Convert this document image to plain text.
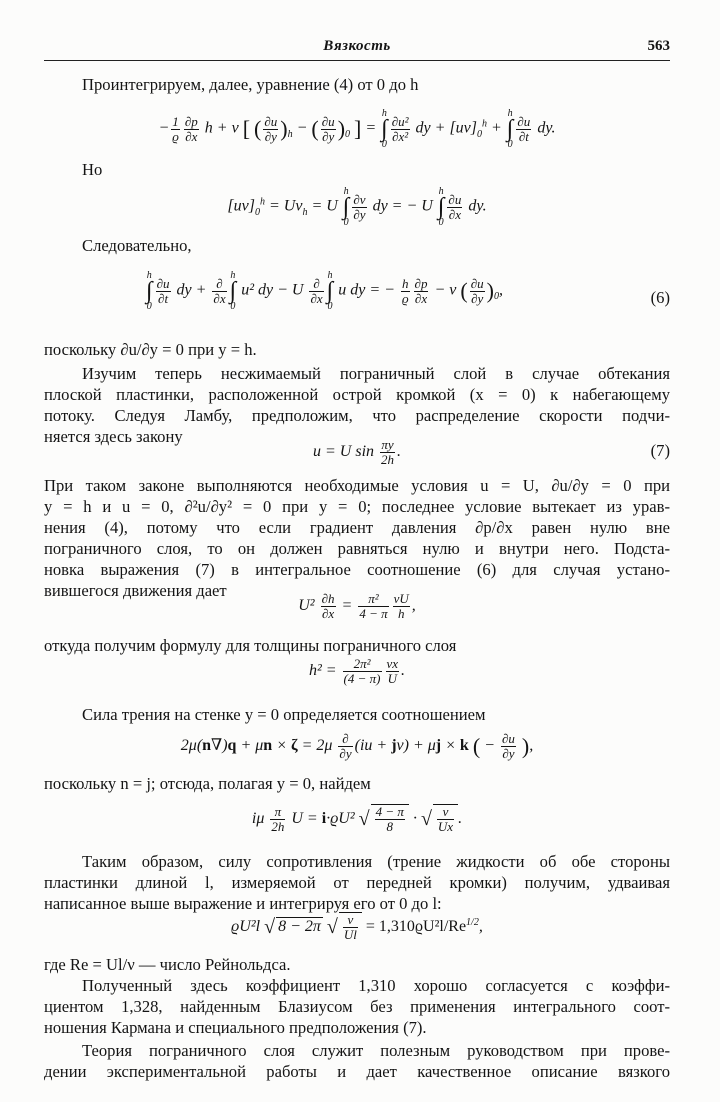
Вязкость	563
Проинтегрируем, далее, уравнение (4) от 0 до h
− $\frac{1}{ϱ} \frac{\partial p}{\partial x}$ h + ν [ ( $\frac{\partial u}{\partial y} )_h$ − ( $\frac{\partial u}{\partial y} )_0$ ] = h
∫
0
$\frac{\text{∂u²}}{\text{∂x²}}$ dy + $[uv]_0^h + h$
∫
0
$\frac{\partial u}{\partial t}$ dy.
Но
$[uv]_0^h = Uv_h = U$ h
∫
0
$\frac{\partial v}{\partial y}$ dy = − U h
∫
0
$\frac{\partial u}{\partial x}$ dy.
Следовательно,
h
∫
0
$\frac{\partial u}{\partial t}$ dy + $\frac{\partial}{\partial x}$
h
∫
0 u² dy − U $\frac{\partial}{\partial x}$
h
∫
0 u dy = − $\frac{h}{ϱ} \frac{\partial p}{\partial x} - \nu$ ( $\frac{\partial u}{\partial y} )_0$,	(6)
поскольку ∂u/∂y = 0 при y = h.
Изучим теперь несжимаемый пограничный слой в случае обтекания
плоской пластинки, расположенной острой кромкой (x = 0) к набегающему
потоку. Следуя Ламбу, предположим, что распределение скорости подчи-
няется здесь закону
u = U $\sin \frac{\pi y}{2h}$ .	(7)
При таком законе выполняются необходимые условия u = U, ∂u/∂y = 0 при
y = h и u = 0, ∂²u/∂y² = 0 при y = 0; последнее условие вытекает из урав-
нения (4), потому что если градиент давления ∂p/∂x равен нулю вне
пограничного слоя, то он должен равняться нулю и внутри него. Подста-
новка выражения (7) в интегральное соотношение (6) для случая устано-
вившегося движения дает
$U^2 \frac{\partial h}{\partial x} = \frac{\text{π²}}{4 - \pi} \frac{\nu U}{h}$ ,
откуда получим формулу для толщины пограничного слоя
$h^2 = \frac{\text{2π²}}{(4 - \pi)} \frac{\nu x}{U}$ .
Сила трения на стенке y = 0 определяется соотношением
$2\mu(n\nabla)q + \mu n \times \zeta = 2\mu \frac{\partial}{\partial y} (iu + jv) + \mu j \times k$ ( − $\frac{\partial u}{\partial y}$ ),
поскольку n = j; отсюда, полагая y = 0, найдем
iμ $\frac{\pi}{2h}$ U = i·ϱU² √ $\frac{4 - \pi}{8}$ · √ $\frac{\nu}{Ux}$ .
Таким образом, силу сопротивления (трение жидкости об обе стороны
пластинки длиной l, измеряемой от передней кромки) получим, удваивая
написанное выше выражение и интегрируя его от 0 до l:
ϱU²l √ 8 − 2π √ $\frac{\nu}{Ul} = 1,310ϱU^2l/Re^{1/2}$,
где Re = Ul/ν — число Рейнольдса.
Полученный здесь коэффициент 1,310 хорошо согласуется с коэффи-
циентом 1,328, найденным Блазиусом без применения интегрального соот-
ношения Кармана и специального предположения (7).
Теория пограничного слоя служит полезным руководством при прове-
дении экспериментальной работы и дает качественное описание вязкого
